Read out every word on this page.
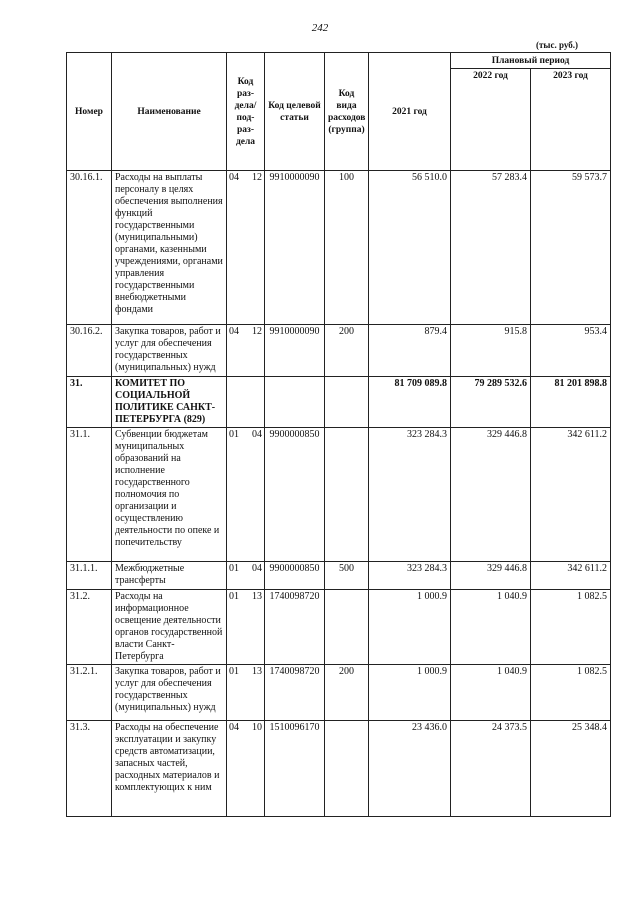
242
(тыс. руб.)
Номер	Наименование	Код раз-дела/ под-раз-дела	Код целевой статьи	Код вида расходов (группа)	2021 год	Плановый период	
						2022 год	2023 год
30.16.1.	Расходы на выплаты персоналу в целях обеспечения выполнения функций государственными (муниципальными) органами, казенными учреждениями, органами управления государственными внебюджетными фондами	04 12	9910000090	100	56 510.0	57 283.4	59 573.7
30.16.2.	Закупка товаров, работ и услуг для обеспечения государственных (муниципальных) нужд	04 12	9910000090	200	879.4	915.8	953.4
31.	КОМИТЕТ ПО СОЦИАЛЬНОЙ ПОЛИТИКЕ САНКТ-ПЕТЕРБУРГА (829)				81 709 089.8	79 289 532.6	81 201 898.8
31.1.	Субвенции бюджетам муниципальных образований на исполнение государственного полномочия по организации и осуществлению деятельности по опеке и попечительству	01 04	9900000850		323 284.3	329 446.8	342 611.2
31.1.1.	Межбюджетные трансферты	01 04	9900000850	500	323 284.3	329 446.8	342 611.2
31.2.	Расходы на информационное освещение деятельности органов государственной власти Санкт-Петербурга	01 13	1740098720		1 000.9	1 040.9	1 082.5
31.2.1.	Закупка товаров, работ и услуг для обеспечения государственных (муниципальных) нужд	01 13	1740098720	200	1 000.9	1 040.9	1 082.5
31.3.	Расходы на обеспечение эксплуатации и закупку средств автоматизации, запасных частей, расходных материалов и комплектующих к ним	04 10	1510096170		23 436.0	24 373.5	25 348.4
